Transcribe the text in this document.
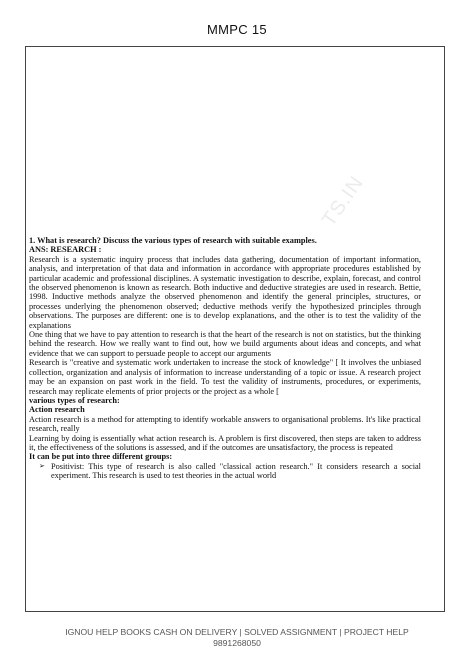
MMPC 15
TS.IN

1. What is research? Discuss the various types of research with suitable examples.

ANS: RESEARCH :

Research is a systematic inquiry process that includes data gathering, documentation of important information, analysis, and interpretation of that data and information in accordance with appropriate procedures established by particular academic and professional disciplines. A systematic investigation to describe, explain, forecast, and control the observed phenomenon is known as research. Both inductive and deductive strategies are used in research. Bettie, 1998. Inductive methods analyze the observed phenomenon and identify the general principles, structures, or processes underlying the phenomenon observed; deductive methods verify the hypothesized principles through observations. The purposes are different: one is to develop explanations, and the other is to test the validity of the explanations

One thing that we have to pay attention to research is that the heart of the research is not on statistics, but the thinking behind the research. How we really want to find out, how we build arguments about ideas and concepts, and what evidence that we can support to persuade people to accept our arguments

Research is "creative and systematic work undertaken to increase the stock of knowledge" [ It involves the unbiased collection, organization and analysis of information to increase understanding of a topic or issue. A research project may be an expansion on past work in the field. To test the validity of instruments, procedures, or experiments, research may replicate elements of prior projects or the project as a whole [

various types of research:

Action research

Action research is a method for attempting to identify workable answers to organisational problems. It's like practical research, really

Learning by doing is essentially what action research is. A problem is first discovered, then steps are taken to address it, the effectiveness of the solutions is assessed, and if the outcomes are unsatisfactory, the process is repeated

It can be put into three different groups:

➢ Positivist: This type of research is also called "classical action research." It considers research a social experiment. This research is used to test theories in the actual world
IGNOU HELP BOOKS CASH ON DELIVERY | SOLVED ASSIGNMENT | PROJECT HELP
9891268050
